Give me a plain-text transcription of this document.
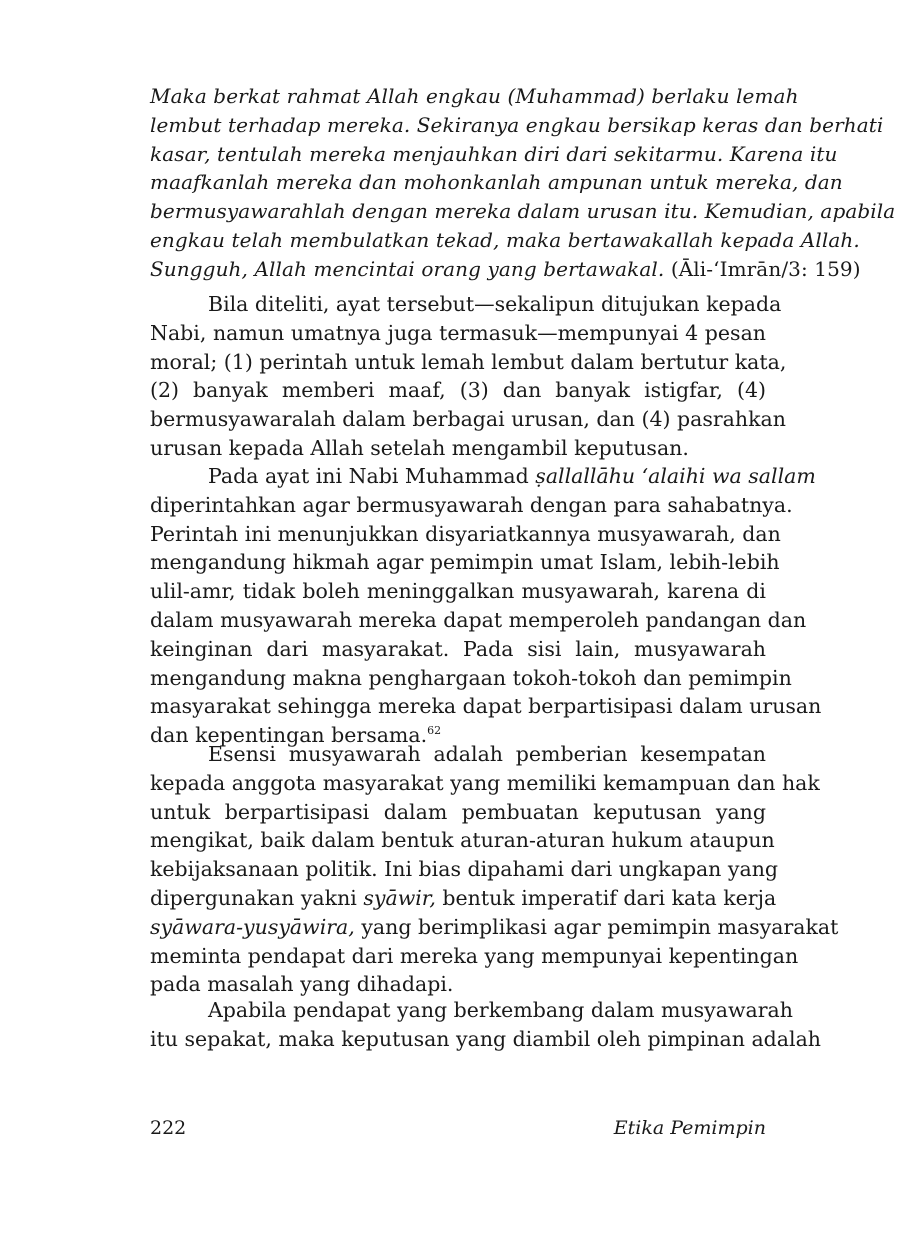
Maka berkat rahmat Allah engkau (Muhammad) berlaku lemah
lembut terhadap mereka. Sekiranya engkau bersikap keras dan berhati
kasar, tentulah mereka menjauhkan diri dari sekitarmu. Karena itu
maafkanlah mereka dan mohonkanlah ampunan untuk mereka, dan
bermusyawarahlah dengan mereka dalam urusan itu. Kemudian, apabila
engkau telah membulatkan tekad, maka bertawakallah kepada Allah.
Sungguh, Allah mencintai orang yang bertawakal. (Āli-ʻImrān/3: 159)
Bila diteliti, ayat tersebut—sekalipun ditujukan kepada
Nabi, namun umatnya juga termasuk—mempunyai 4 pesan
moral; (1) perintah untuk lemah lembut dalam bertutur kata,
(2) banyak memberi maaf, (3) dan banyak istigfar, (4)
bermusyawaralah dalam berbagai urusan, dan (4) pasrahkan
urusan kepada Allah setelah mengambil keputusan.
Pada ayat ini Nabi Muhammad ṣallallāhu ʻalaihi wa sallam
diperintahkan agar bermusyawarah dengan para sahabatnya.
Perintah ini menunjukkan disyariatkannya musyawarah, dan
mengandung hikmah agar pemimpin umat Islam, lebih-lebih
ulil-amr, tidak boleh meninggalkan musyawarah, karena di
dalam musyawarah mereka dapat memperoleh pandangan dan
keinginan dari masyarakat. Pada sisi lain, musyawarah
mengandung makna penghargaan tokoh-tokoh dan pemimpin
masyarakat sehingga mereka dapat berpartisipasi dalam urusan
dan kepentingan bersama.$^{62}$
Esensi musyawarah adalah pemberian kesempatan
kepada anggota masyarakat yang memiliki kemampuan dan hak
untuk berpartisipasi dalam pembuatan keputusan yang
mengikat, baik dalam bentuk aturan-aturan hukum ataupun
kebijaksanaan politik. Ini bias dipahami dari ungkapan yang
dipergunakan yakni syāwir, bentuk imperatif dari kata kerja
syāwara-yusyāwira, yang berimplikasi agar pemimpin masyarakat
meminta pendapat dari mereka yang mempunyai kepentingan
pada masalah yang dihadapi.
Apabila pendapat yang berkembang dalam musyawarah
itu sepakat, maka keputusan yang diambil oleh pimpinan adalah
222	Etika Pemimpin
